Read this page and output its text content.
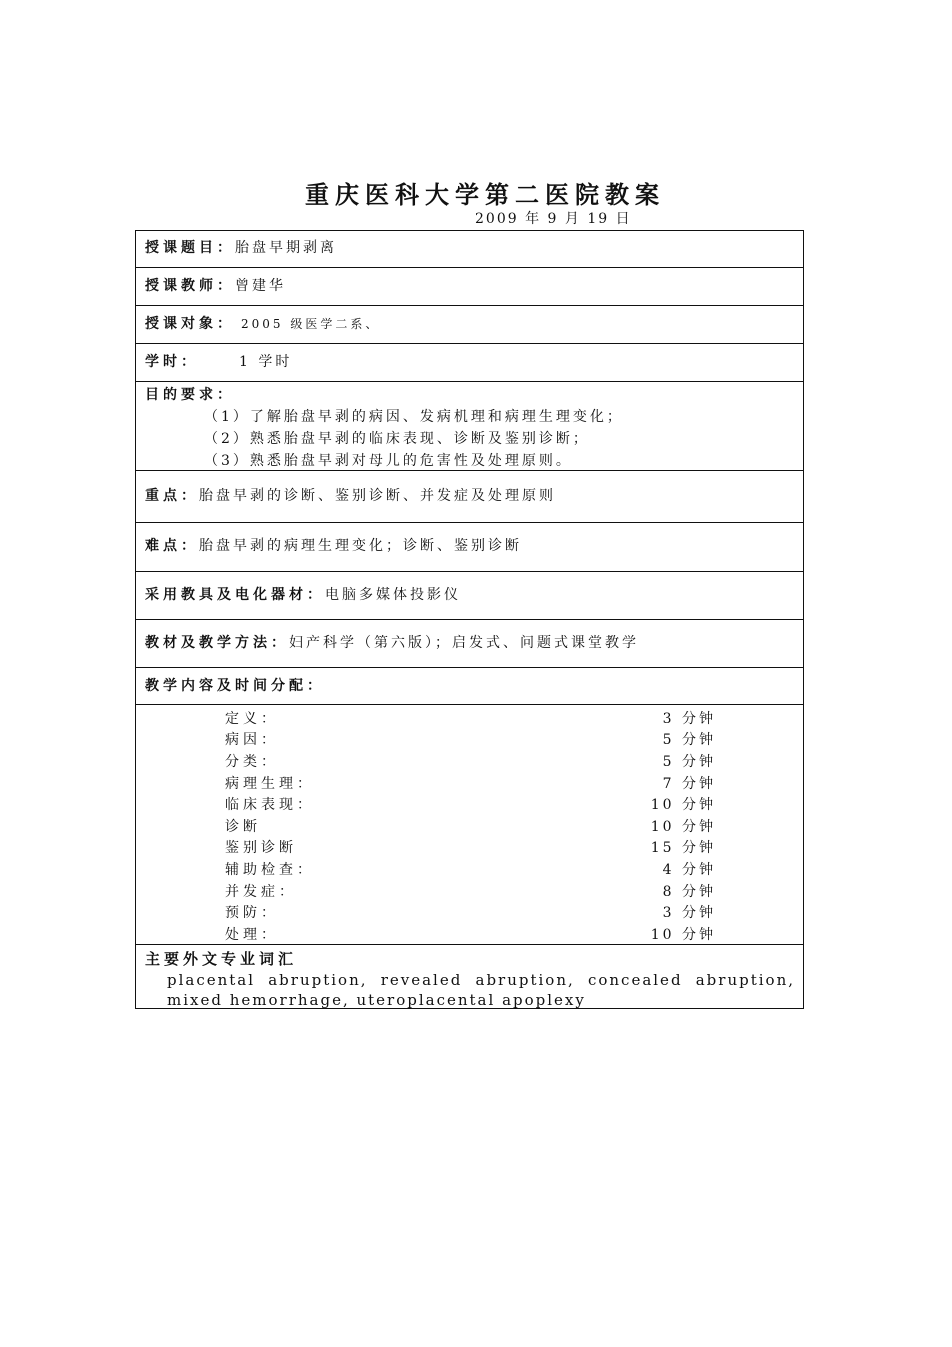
重庆医科大学第二医院教案
2009 年 9 月 19 日
授课题目：胎盘早期剥离
授课教师：曾建华
授课对象： 2005 级医学二系、
学时：	1 学时
目的要求：
（1）了解胎盘早剥的病因、发病机理和病理生理变化；
（2）熟悉胎盘早剥的临床表现、诊断及鉴别诊断；
（3）熟悉胎盘早剥对母儿的危害性及处理原则。
重点：胎盘早剥的诊断、鉴别诊断、并发症及处理原则
难点：胎盘早剥的病理生理变化；诊断、鉴别诊断
采用教具及电化器材：电脑多媒体投影仪
教材及教学方法：妇产科学（第六版）；启发式、问题式课堂教学
教学内容及时间分配：
定义：	3 分钟
病因：	5 分钟
分类：	5 分钟
病理生理：	7 分钟
临床表现：	10 分钟
诊断	10 分钟
鉴别诊断	15 分钟
辅助检查：	4 分钟
并发症：	8 分钟
预防：	3 分钟
处理：	10 分钟
主要外文专业词汇
placental abruption, revealed abruption, concealed abruption,
mixed hemorrhage, uteroplacental apoplexy
